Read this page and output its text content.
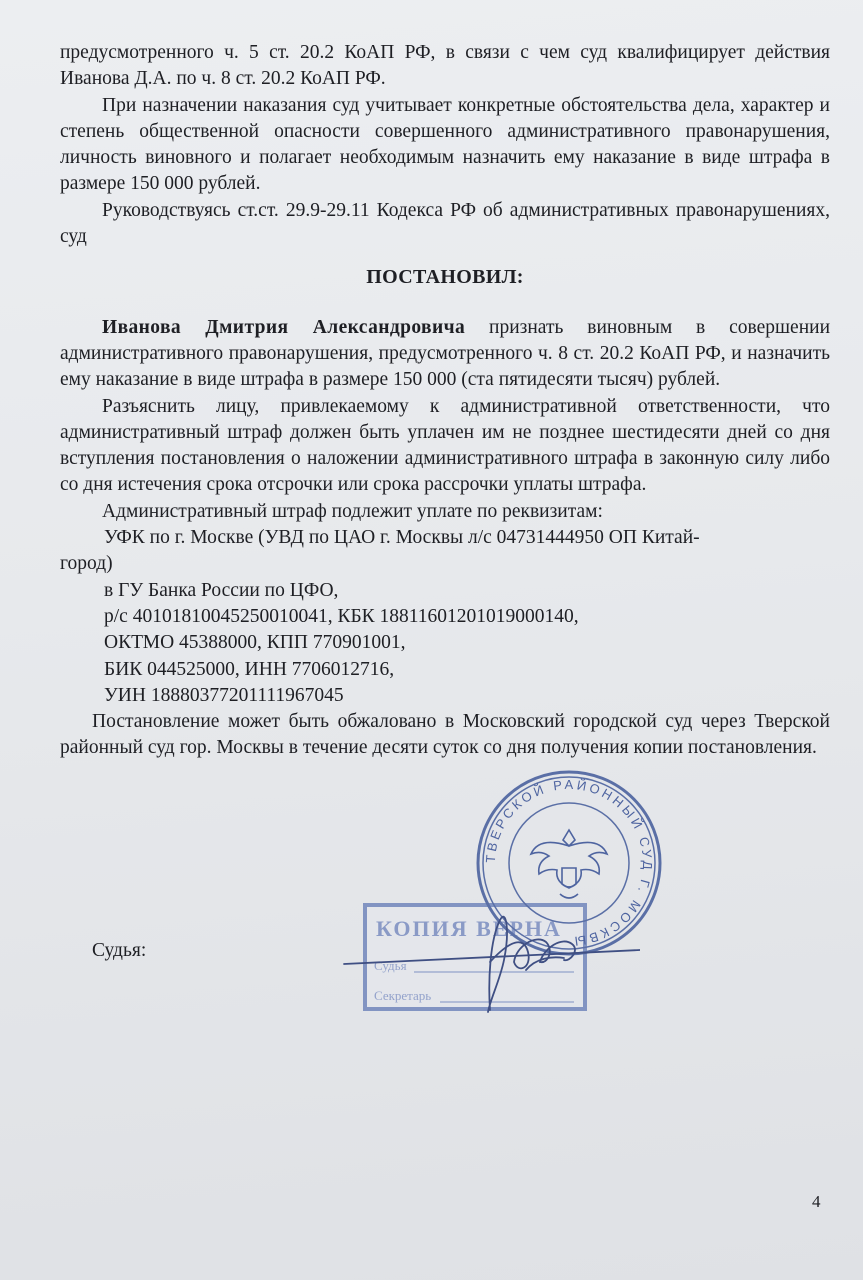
предусмотренного ч. 5 ст. 20.2 КоАП РФ, в связи с чем суд квалифицирует действия Иванова Д.А. по ч. 8 ст. 20.2 КоАП РФ.

При назначении наказания суд учитывает конкретные обстоятельства дела, характер и степень общественной опасности совершенного административного правонарушения, личность виновного и полагает необходимым назначить ему наказание в виде штрафа в размере 150 000 рублей.

Руководствуясь ст.ст. 29.9-29.11 Кодекса РФ об административных правонарушениях, суд

ПОСТАНОВИЛ:

Иванова Дмитрия Александровича признать виновным в совершении административного правонарушения, предусмотренного ч. 8 ст. 20.2 КоАП РФ, и назначить ему наказание в виде штрафа в размере 150 000 (ста пятидесяти тысяч) рублей.

Разъяснить лицу, привлекаемому к административной ответственности, что административный штраф должен быть уплачен им не позднее шестидесяти дней со дня вступления постановления о наложении административного штрафа в законную силу либо со дня истечения срока отсрочки или срока рассрочки уплаты штрафа.

Административный штраф подлежит уплате по реквизитам:

УФК по г. Москве (УВД по ЦАО г. Москвы л/с 04731444950 ОП Китай-

город)

в ГУ Банка России по ЦФО,

р/с 40101810045250010041, КБК 18811601201019000140,

ОКТМО 45388000, КПП 770901001,

БИК 044525000, ИНН 7706012716,

УИН 18880377201111967045

Постановление может быть обжаловано в Московский городской суд через Тверской районный суд гор. Москвы в течение десяти суток со дня получения копии постановления.

КОПИЯ ВЕРНА
Судья
Секретарь
ТВЕРСКОЙ РАЙОННЫЙ СУД Г. МОСКВЫ
Судья:
4
